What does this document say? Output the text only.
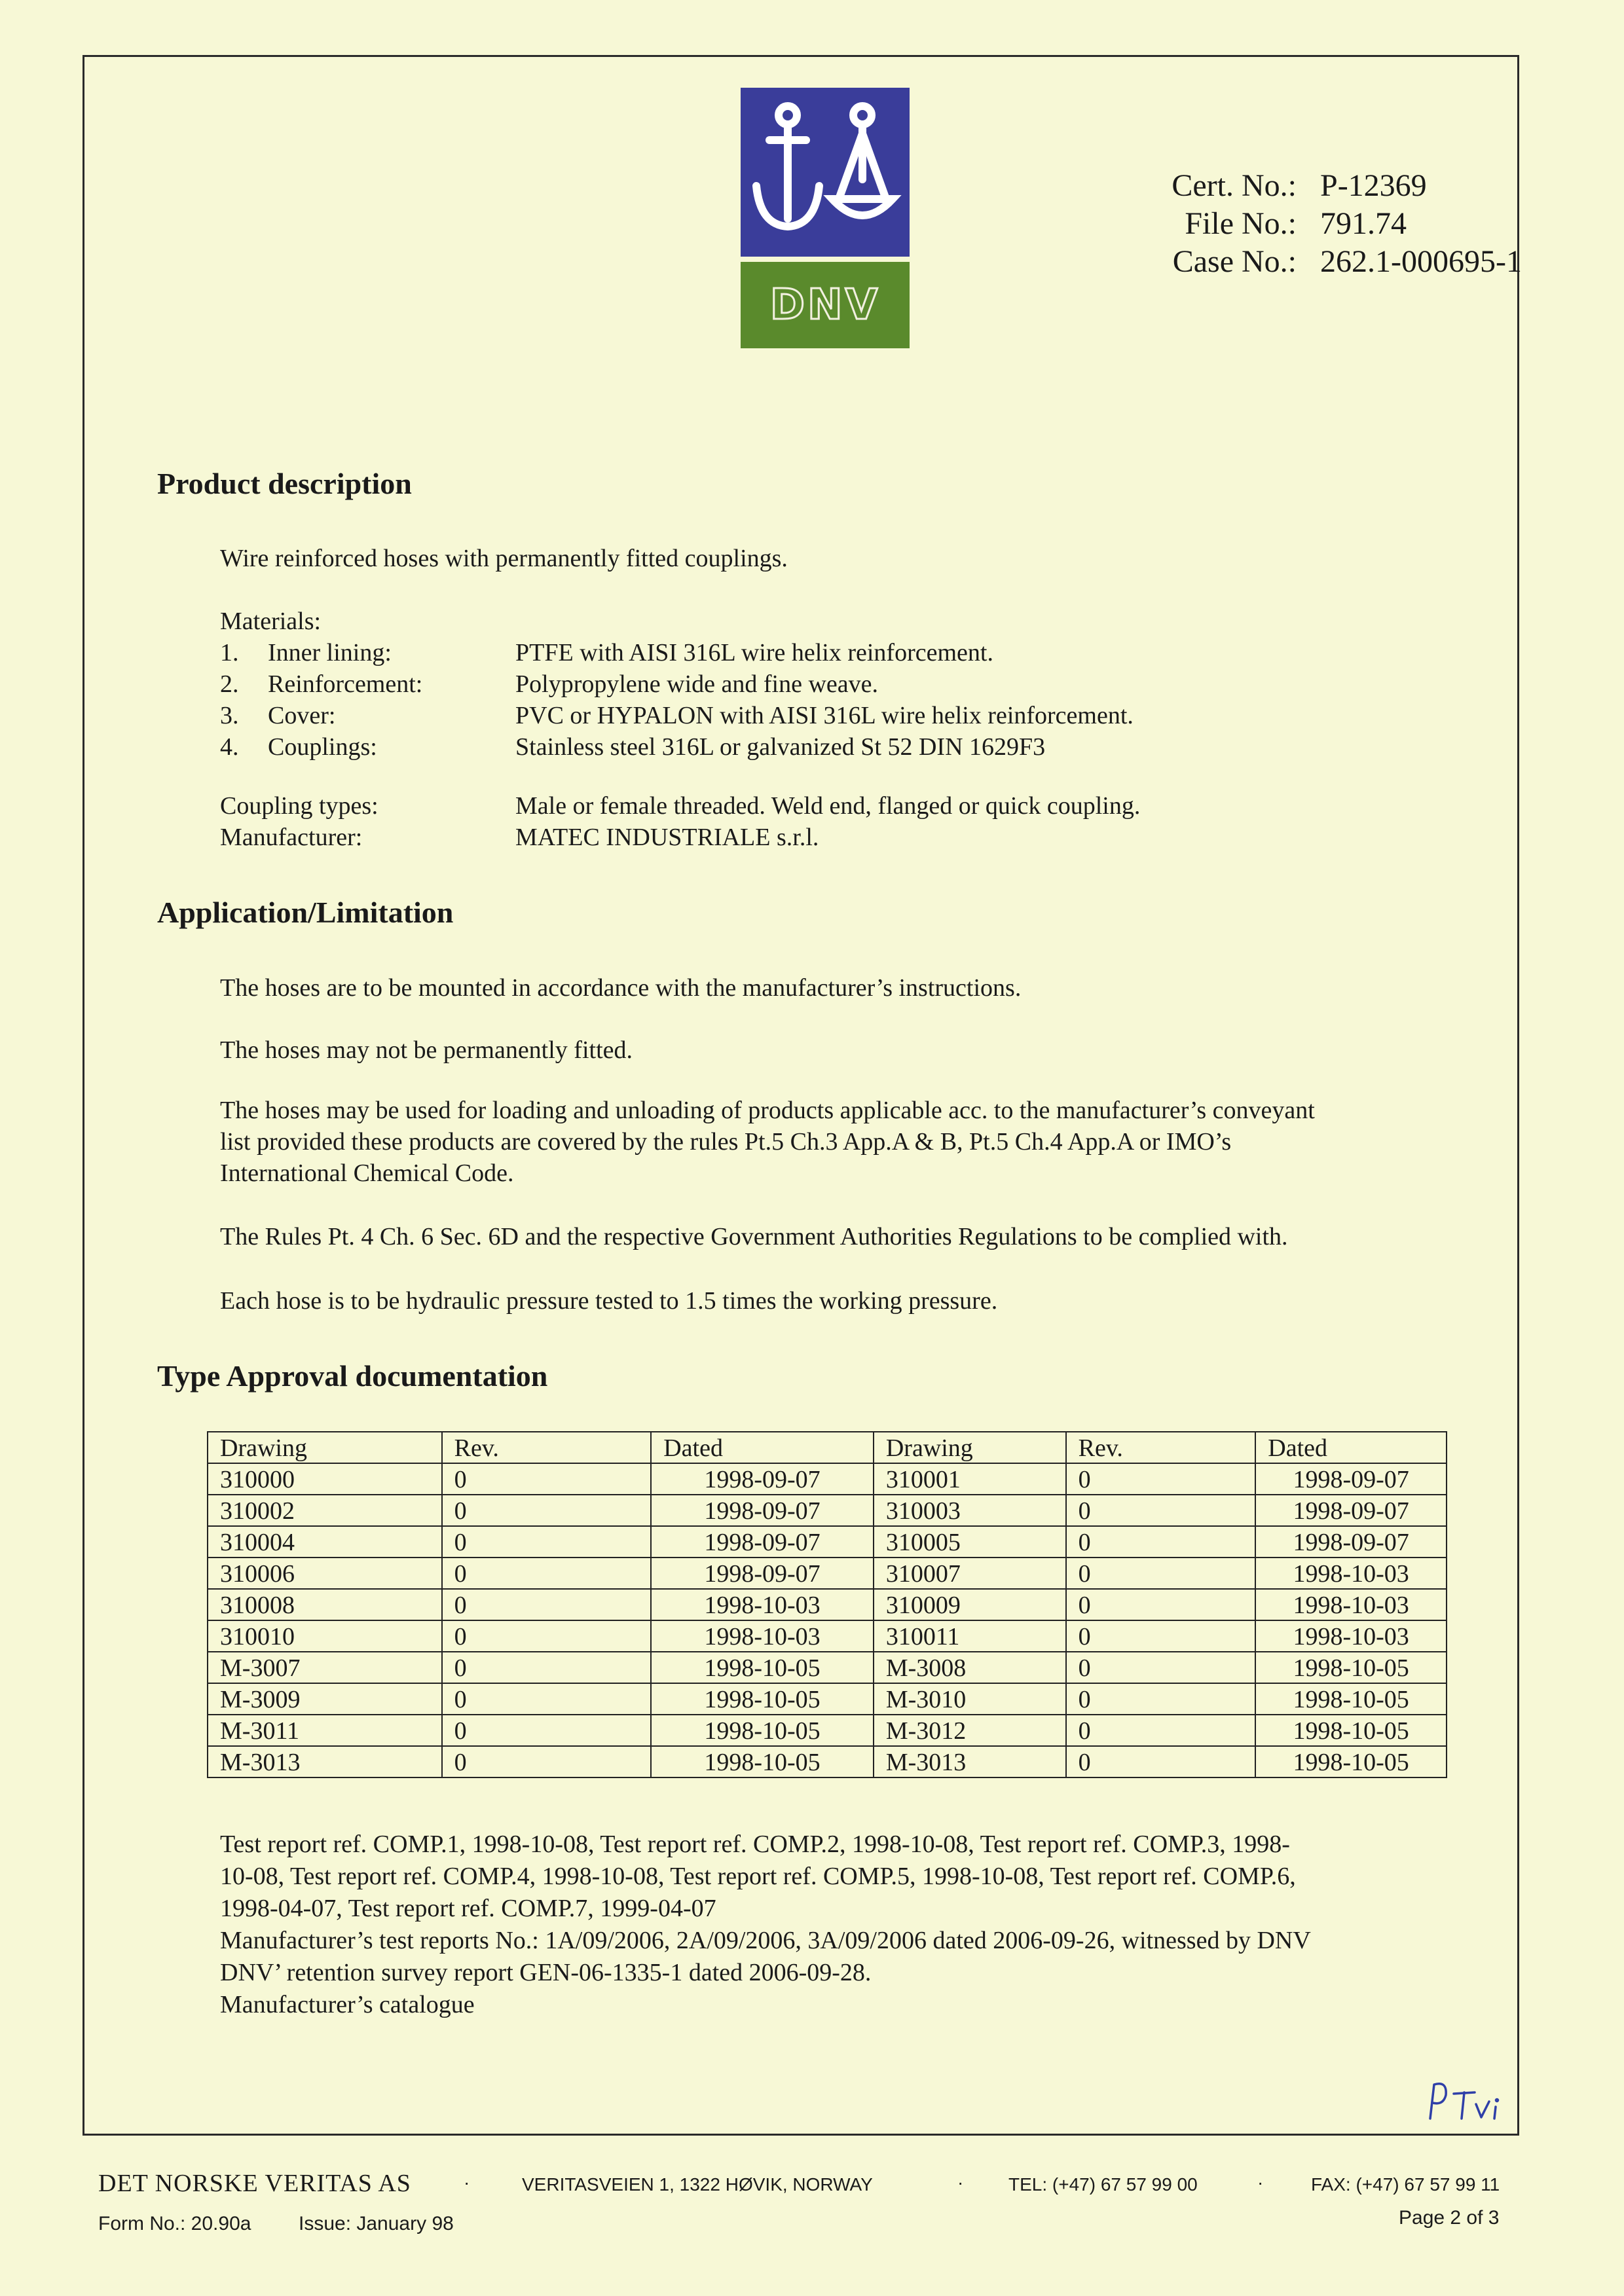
DNV
Cert. No.: P-12369
File No.: 791.74
Case No.: 262.1-000695-1
Product description

Wire reinforced hoses with permanently fitted couplings.

Materials:
1.	Inner lining:	PTFE with AISI 316L wire helix reinforcement.
2.	Reinforcement:	Polypropylene wide and fine weave.
3.	Cover:	PVC or HYPALON with AISI 316L wire helix reinforcement.
4.	Couplings:	Stainless steel 316L or galvanized St 52 DIN 1629F3
Coupling types:	Male or female threaded. Weld end, flanged or quick coupling.
Manufacturer:	MATEC INDUSTRIALE s.r.l.
Application/Limitation

The hoses are to be mounted in accordance with the manufacturer’s instructions.

The hoses may not be permanently fitted.

The hoses may be used for loading and unloading of products applicable acc. to the manufacturer’s conveyant

list provided these products are covered by the rules Pt.5 Ch.3 App.A & B, Pt.5 Ch.4 App.A or IMO’s

International Chemical Code.

The Rules Pt. 4 Ch. 6 Sec. 6D and the respective Government Authorities Regulations to be complied with.

Each hose is to be hydraulic pressure tested to 1.5 times the working pressure.

Type Approval documentation
Drawing	Rev.	Dated	Drawing	Rev.	Dated
310000	0	1998-09-07	310001	0	1998-09-07
310002	0	1998-09-07	310003	0	1998-09-07
310004	0	1998-09-07	310005	0	1998-09-07
310006	0	1998-09-07	310007	0	1998-10-03
310008	0	1998-10-03	310009	0	1998-10-03
310010	0	1998-10-03	310011	0	1998-10-03
M-3007	0	1998-10-05	M-3008	0	1998-10-05
M-3009	0	1998-10-05	M-3010	0	1998-10-05
M-3011	0	1998-10-05	M-3012	0	1998-10-05
M-3013	0	1998-10-05	M-3013	0	1998-10-05
Test report ref. COMP.1, 1998-10-08, Test report ref. COMP.2, 1998-10-08, Test report ref. COMP.3, 1998-
10-08, Test report ref. COMP.4, 1998-10-08, Test report ref. COMP.5, 1998-10-08, Test report ref. COMP.6,
1998-04-07, Test report ref. COMP.7, 1999-04-07
Manufacturer’s test reports No.: 1A/09/2006, 2A/09/2006, 3A/09/2006 dated 2006-09-26, witnessed by DNV
DNV’ retention survey report GEN-06-1335-1 dated 2006-09-28.
Manufacturer’s catalogue
DET NORSKE VERITAS AS	·	VERITASVEIEN 1, 1322 HØVIK, NORWAY	· TEL: (+47) 67 57 99 00	·	FAX: (+47) 67 57 99 11
Form No.: 20.90a Issue: January 98	Page 2 of 3
